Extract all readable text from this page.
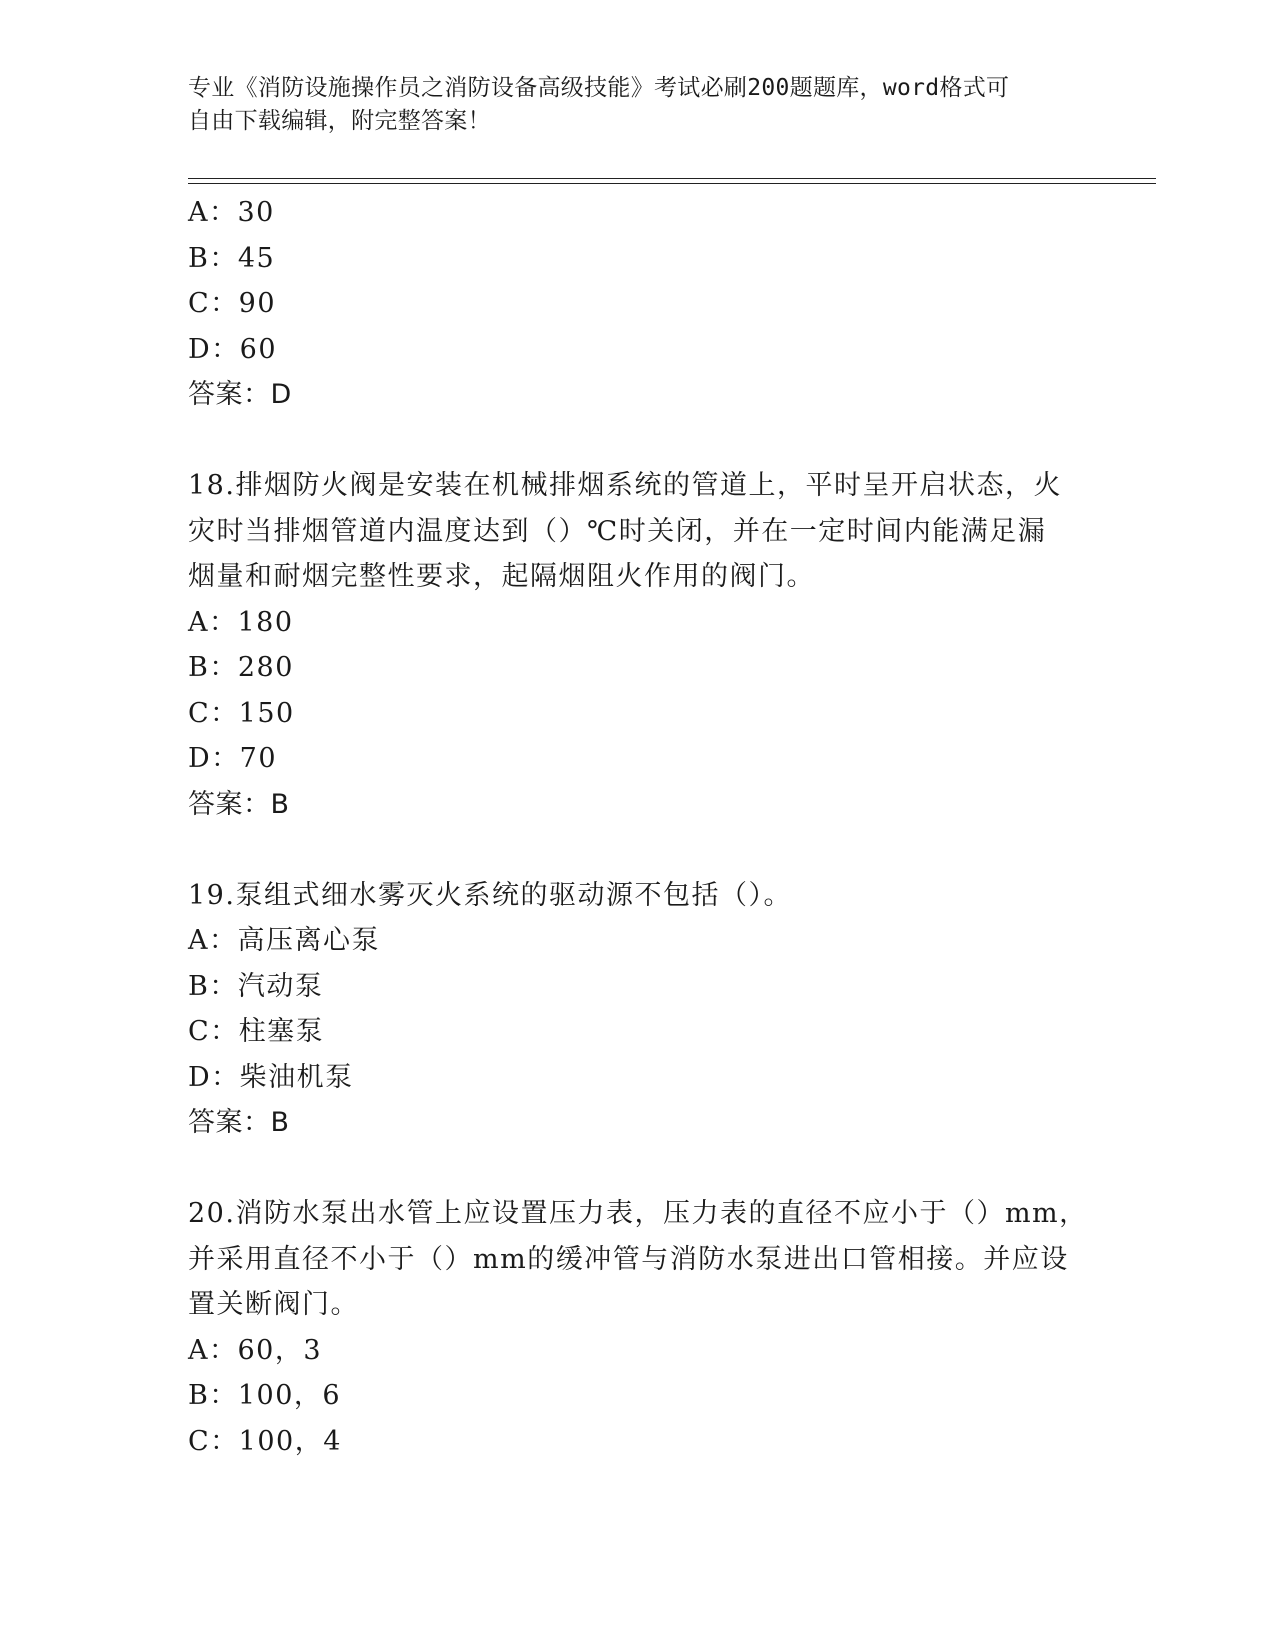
专业《消防设施操作员之消防设备高级技能》考试必刷200题题库，word格式可
自由下载编辑，附完整答案！
A：30
B：45
C：90
D：60
答案：D
18.排烟防火阀是安装在机械排烟系统的管道上，平时呈开启状态，火
灾时当排烟管道内温度达到（）℃时关闭，并在一定时间内能满足漏
烟量和耐烟完整性要求，起隔烟阻火作用的阀门。
A：180
B：280
C：150
D：70
答案：B
19.泵组式细水雾灭火系统的驱动源不包括（）。
A：高压离心泵
B：汽动泵
C：柱塞泵
D：柴油机泵
答案：B
20.消防水泵出水管上应设置压力表，压力表的直径不应小于（）mm，
并采用直径不小于（）mm的缓冲管与消防水泵进出口管相接。并应设
置关断阀门。
A：60，3
B：100，6
C：100，4
